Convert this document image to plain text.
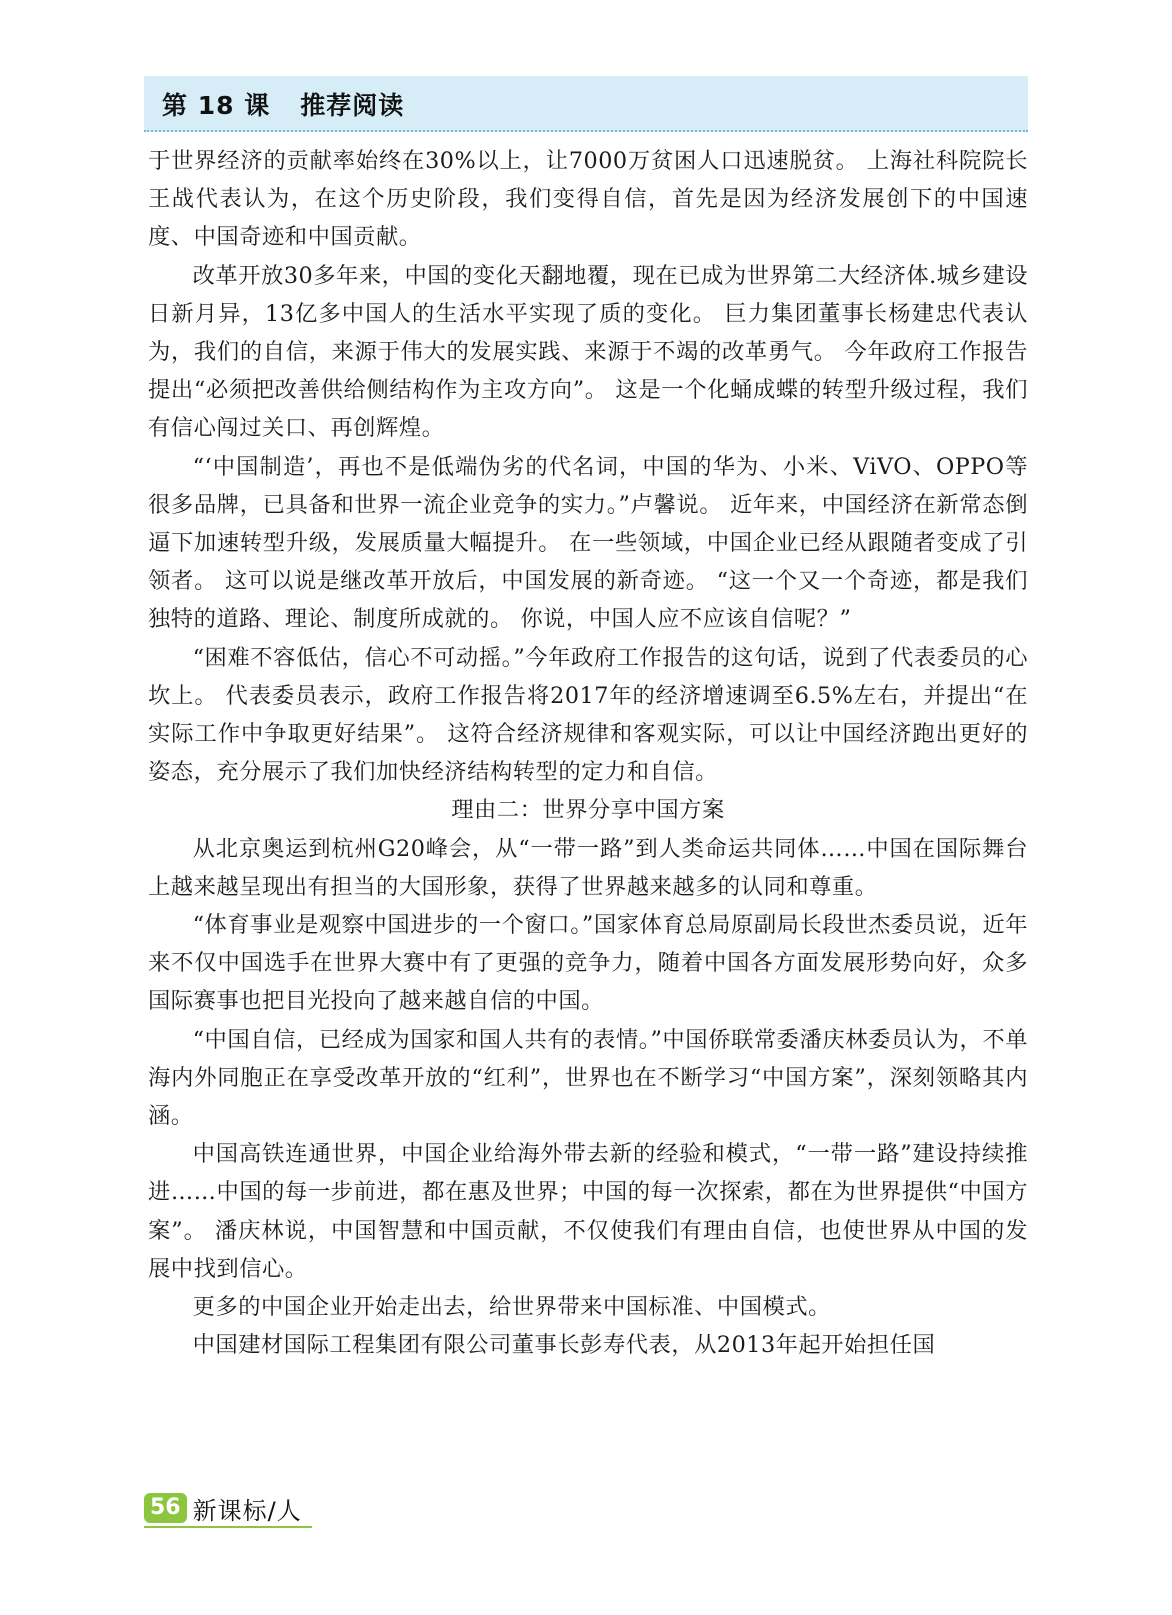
第 18 课 推荐阅读

于世界经济的贡献率始终在30%以上，让7000万贫困人口迅速脱贫。 上海社科院院长王战代表认为，在这个历史阶段，我们变得自信，首先是因为经济发展创下的中国速度、中国奇迹和中国贡献。

改革开放30多年来，中国的变化天翻地覆，现在已成为世界第二大经济体.城乡建设日新月异，13亿多中国人的生活水平实现了质的变化。 巨力集团董事长杨建忠代表认为，我们的自信，来源于伟大的发展实践、来源于不竭的改革勇气。 今年政府工作报告提出“必须把改善供给侧结构作为主攻方向”。 这是一个化蛹成蝶的转型升级过程，我们有信心闯过关口、再创辉煌。

“‘中国制造’，再也不是低端伪劣的代名词，中国的华为、小米、ViVO、OPPO等很多品牌，已具备和世界一流企业竞争的实力。”卢馨说。 近年来，中国经济在新常态倒逼下加速转型升级，发展质量大幅提升。 在一些领域，中国企业已经从跟随者变成了引领者。 这可以说是继改革开放后，中国发展的新奇迹。 “这一个又一个奇迹，都是我们独特的道路、理论、制度所成就的。 你说，中国人应不应该自信呢？”

“困难不容低估，信心不可动摇。”今年政府工作报告的这句话，说到了代表委员的心坎上。 代表委员表示，政府工作报告将2017年的经济增速调至6.5%左右，并提出“在实际工作中争取更好结果”。 这符合经济规律和客观实际，可以让中国经济跑出更好的姿态，充分展示了我们加快经济结构转型的定力和自信。

理由二：世界分享中国方案

从北京奥运到杭州G20峰会，从“一带一路”到人类命运共同体……中国在国际舞台上越来越呈现出有担当的大国形象，获得了世界越来越多的认同和尊重。

“体育事业是观察中国进步的一个窗口。”国家体育总局原副局长段世杰委员说，近年来不仅中国选手在世界大赛中有了更强的竞争力，随着中国各方面发展形势向好，众多国际赛事也把目光投向了越来越自信的中国。

“中国自信，已经成为国家和国人共有的表情。”中国侨联常委潘庆林委员认为，不单海内外同胞正在享受改革开放的“红利”，世界也在不断学习“中国方案”，深刻领略其内涵。

中国高铁连通世界，中国企业给海外带去新的经验和模式，“一带一路”建设持续推进……中国的每一步前进，都在惠及世界；中国的每一次探索，都在为世界提供“中国方案”。 潘庆林说，中国智慧和中国贡献，不仅使我们有理由自信，也使世界从中国的发展中找到信心。

更多的中国企业开始走出去，给世界带来中国标准、中国模式。

中国建材国际工程集团有限公司董事长彭寿代表，从2013年起开始担任国

56 新课标/人
